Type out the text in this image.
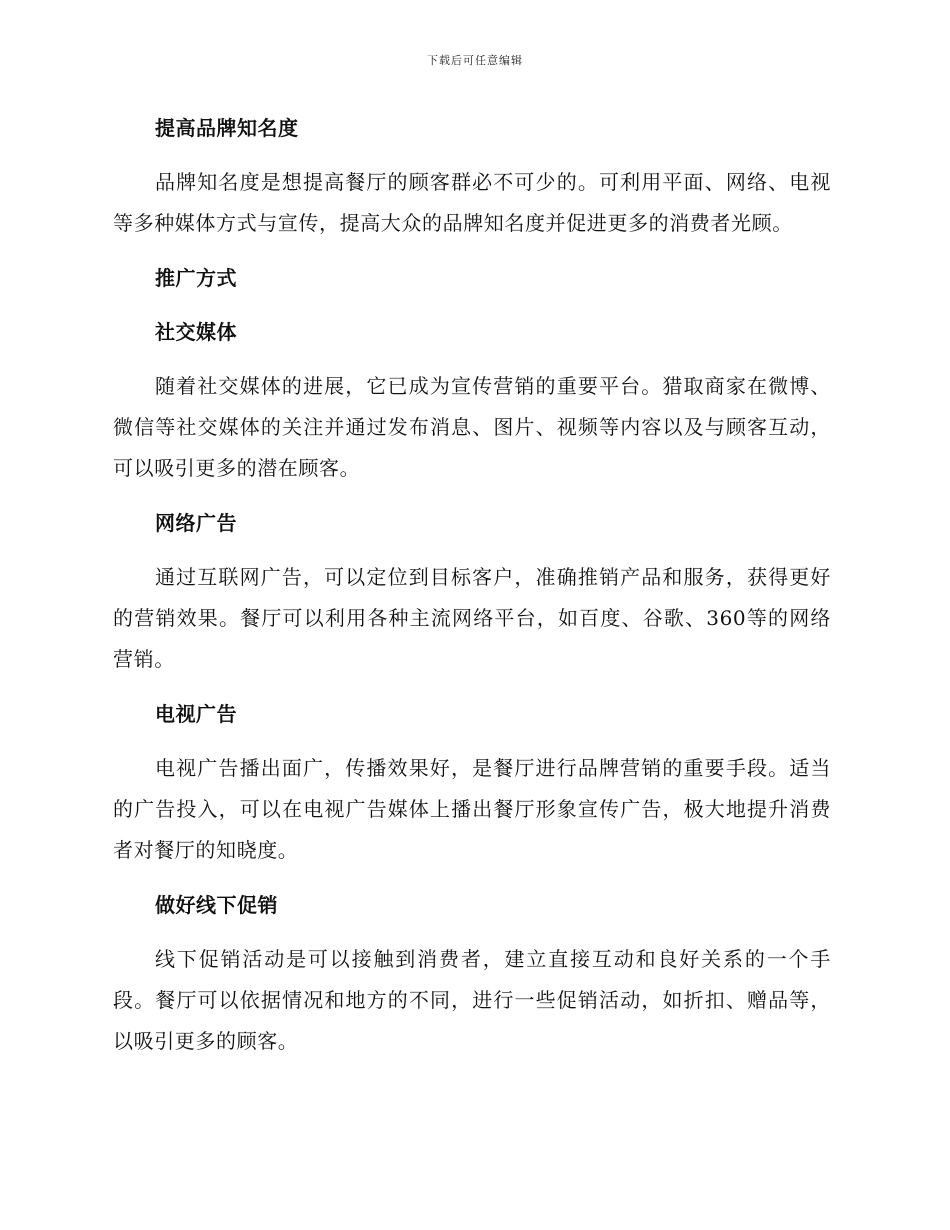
下载后可任意编辑
提高品牌知名度

品牌知名度是想提高餐厅的顾客群必不可少的。可利用平面、网络、电视等多种媒体方式与宣传，提高大众的品牌知名度并促进更多的消费者光顾。

推广方式
社交媒体

随着社交媒体的进展，它已成为宣传营销的重要平台。猎取商家在微博、微信等社交媒体的关注并通过发布消息、图片、视频等内容以及与顾客互动，可以吸引更多的潜在顾客。

网络广告

通过互联网广告，可以定位到目标客户，准确推销产品和服务，获得更好的营销效果。餐厅可以利用各种主流网络平台，如百度、谷歌、360等的网络营销。

电视广告

电视广告播出面广，传播效果好，是餐厅进行品牌营销的重要手段。适当的广告投入，可以在电视广告媒体上播出餐厅形象宣传广告，极大地提升消费者对餐厅的知晓度。

做好线下促销

线下促销活动是可以接触到消费者，建立直接互动和良好关系的一个手段。餐厅可以依据情况和地方的不同，进行一些促销活动，如折扣、赠品等，以吸引更多的顾客。
